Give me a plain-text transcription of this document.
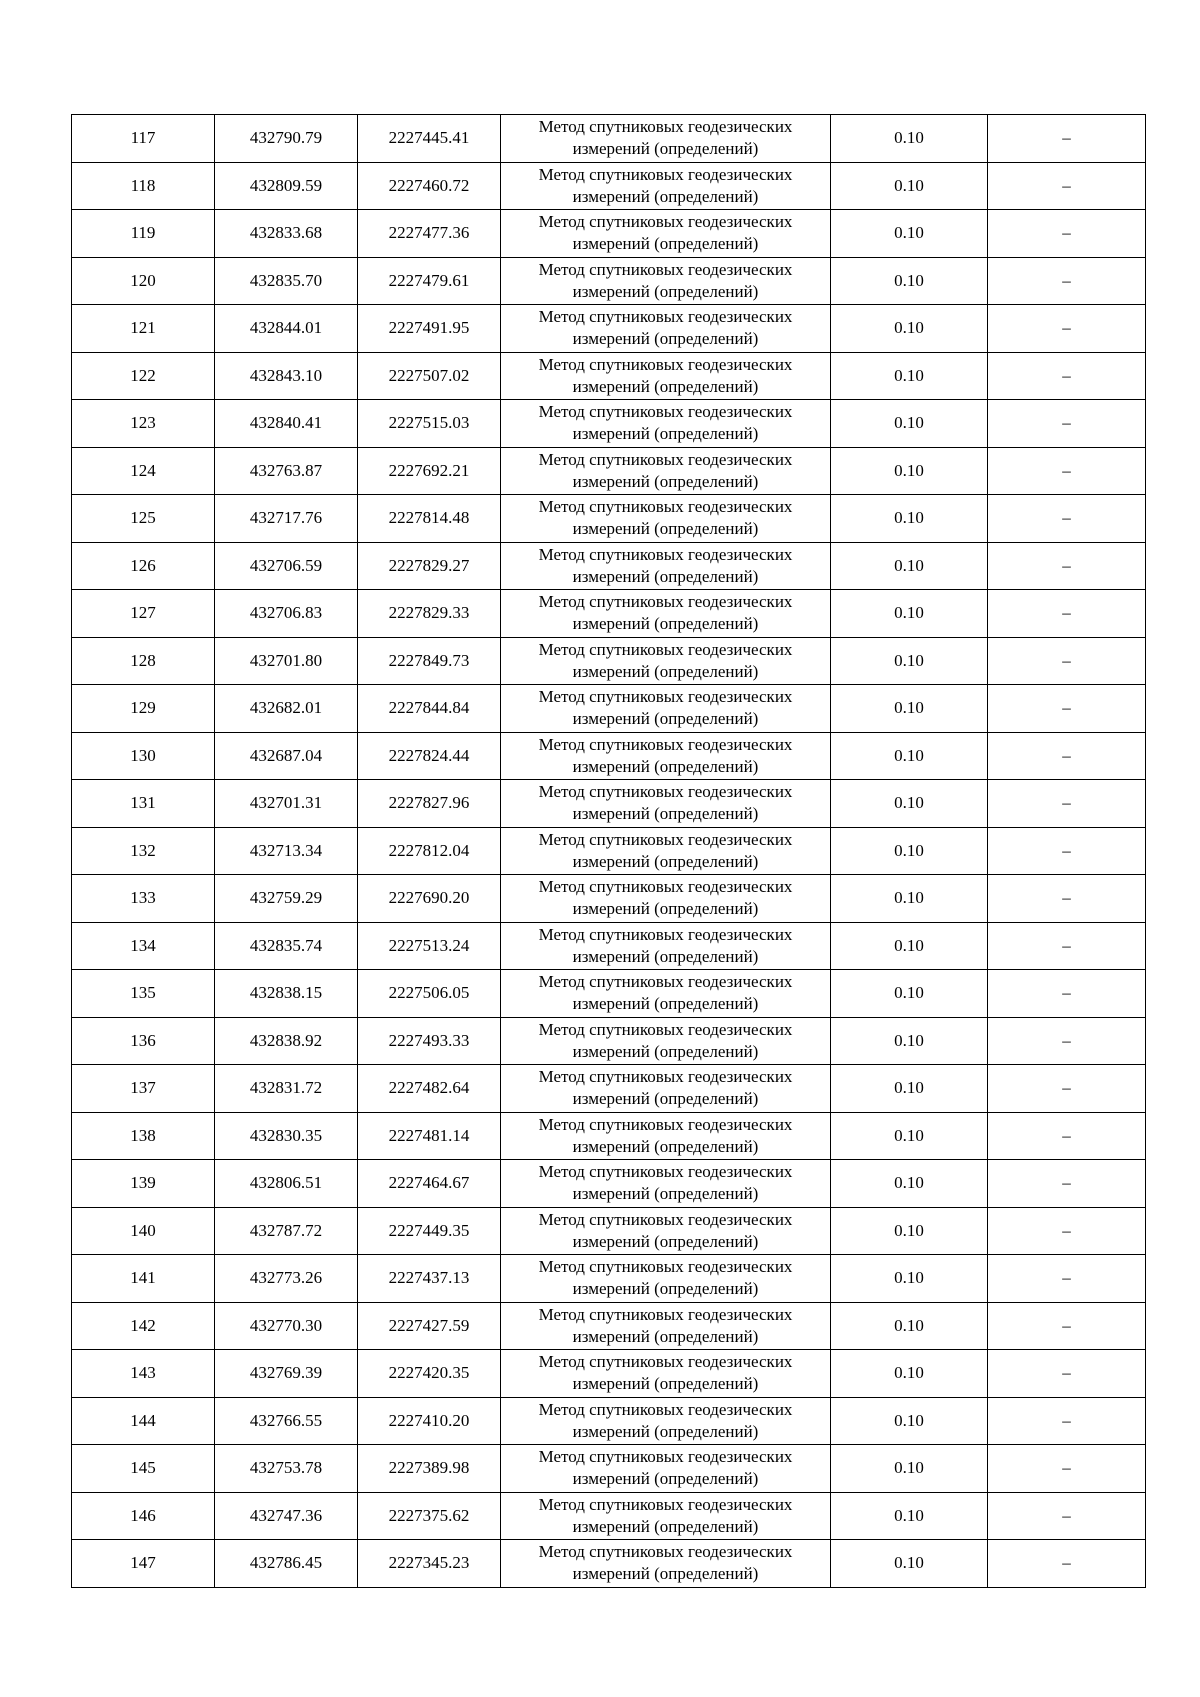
117	432790.79	2227445.41	Метод спутниковых геодезических измерений (определений)	0.10	–
118	432809.59	2227460.72	Метод спутниковых геодезических измерений (определений)	0.10	–
119	432833.68	2227477.36	Метод спутниковых геодезических измерений (определений)	0.10	–
120	432835.70	2227479.61	Метод спутниковых геодезических измерений (определений)	0.10	–
121	432844.01	2227491.95	Метод спутниковых геодезических измерений (определений)	0.10	–
122	432843.10	2227507.02	Метод спутниковых геодезических измерений (определений)	0.10	–
123	432840.41	2227515.03	Метод спутниковых геодезических измерений (определений)	0.10	–
124	432763.87	2227692.21	Метод спутниковых геодезических измерений (определений)	0.10	–
125	432717.76	2227814.48	Метод спутниковых геодезических измерений (определений)	0.10	–
126	432706.59	2227829.27	Метод спутниковых геодезических измерений (определений)	0.10	–
127	432706.83	2227829.33	Метод спутниковых геодезических измерений (определений)	0.10	–
128	432701.80	2227849.73	Метод спутниковых геодезических измерений (определений)	0.10	–
129	432682.01	2227844.84	Метод спутниковых геодезических измерений (определений)	0.10	–
130	432687.04	2227824.44	Метод спутниковых геодезических измерений (определений)	0.10	–
131	432701.31	2227827.96	Метод спутниковых геодезических измерений (определений)	0.10	–
132	432713.34	2227812.04	Метод спутниковых геодезических измерений (определений)	0.10	–
133	432759.29	2227690.20	Метод спутниковых геодезических измерений (определений)	0.10	–
134	432835.74	2227513.24	Метод спутниковых геодезических измерений (определений)	0.10	–
135	432838.15	2227506.05	Метод спутниковых геодезических измерений (определений)	0.10	–
136	432838.92	2227493.33	Метод спутниковых геодезических измерений (определений)	0.10	–
137	432831.72	2227482.64	Метод спутниковых геодезических измерений (определений)	0.10	–
138	432830.35	2227481.14	Метод спутниковых геодезических измерений (определений)	0.10	–
139	432806.51	2227464.67	Метод спутниковых геодезических измерений (определений)	0.10	–
140	432787.72	2227449.35	Метод спутниковых геодезических измерений (определений)	0.10	–
141	432773.26	2227437.13	Метод спутниковых геодезических измерений (определений)	0.10	–
142	432770.30	2227427.59	Метод спутниковых геодезических измерений (определений)	0.10	–
143	432769.39	2227420.35	Метод спутниковых геодезических измерений (определений)	0.10	–
144	432766.55	2227410.20	Метод спутниковых геодезических измерений (определений)	0.10	–
145	432753.78	2227389.98	Метод спутниковых геодезических измерений (определений)	0.10	–
146	432747.36	2227375.62	Метод спутниковых геодезических измерений (определений)	0.10	–
147	432786.45	2227345.23	Метод спутниковых геодезических измерений (определений)	0.10	–
